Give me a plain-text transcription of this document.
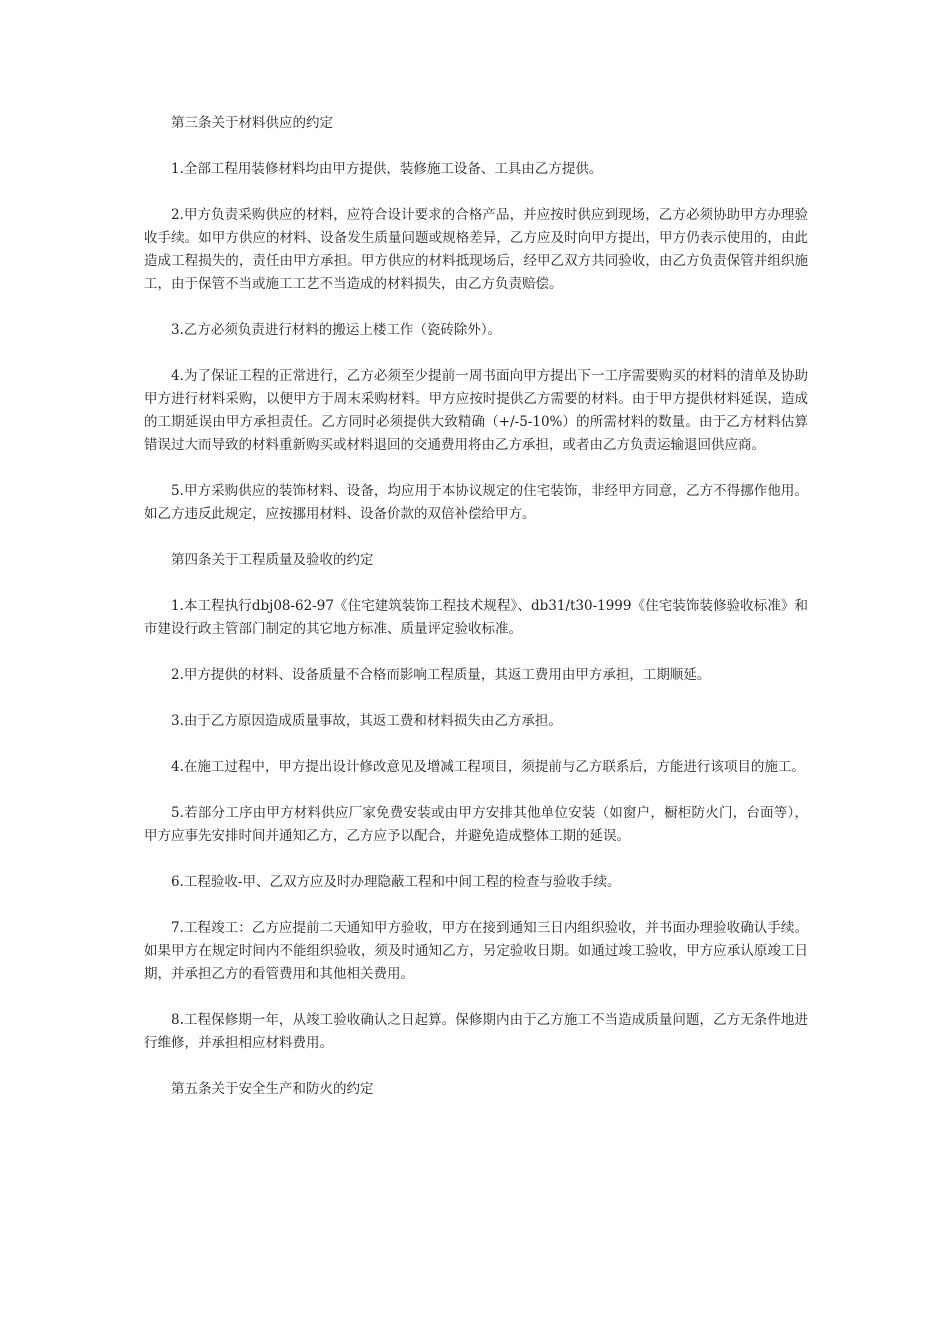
第三条关于材料供应的约定

1.全部工程用装修材料均由甲方提供，装修施工设备、工具由乙方提供。

2.甲方负责采购供应的材料，应符合设计要求的合格产品，并应按时供应到现场，乙方必须协助甲方办理验收手续。如甲方供应的材料、设备发生质量问题或规格差异，乙方应及时向甲方提出，甲方仍表示使用的，由此造成工程损失的，责任由甲方承担。甲方供应的材料抵现场后，经甲乙双方共同验收，由乙方负责保管并组织施工，由于保管不当或施工工艺不当造成的材料损失，由乙方负责赔偿。

3.乙方必须负责进行材料的搬运上楼工作（瓷砖除外）。

4.为了保证工程的正常进行，乙方必须至少提前一周书面向甲方提出下一工序需要购买的材料的清单及协助甲方进行材料采购，以便甲方于周末采购材料。甲方应按时提供乙方需要的材料。由于甲方提供材料延误，造成的工期延误由甲方承担责任。乙方同时必须提供大致精确（+/-5-10%）的所需材料的数量。由于乙方材料估算错误过大而导致的材料重新购买或材料退回的交通费用将由乙方承担，或者由乙方负责运输退回供应商。

5.甲方采购供应的装饰材料、设备，均应用于本协议规定的住宅装饰，非经甲方同意，乙方不得挪作他用。如乙方违反此规定，应按挪用材料、设备价款的双倍补偿给甲方。

第四条关于工程质量及验收的约定

1.本工程执行dbj08-62-97《住宅建筑装饰工程技术规程》、db31/t30-1999《住宅装饰装修验收标准》和市建设行政主管部门制定的其它地方标准、质量评定验收标准。

2.甲方提供的材料、设备质量不合格而影响工程质量，其返工费用由甲方承担，工期顺延。

3.由于乙方原因造成质量事故，其返工费和材料损失由乙方承担。

4.在施工过程中，甲方提出设计修改意见及增减工程项目，须提前与乙方联系后，方能进行该项目的施工。

5.若部分工序由甲方材料供应厂家免费安装或由甲方安排其他单位安装（如窗户，橱柜防火门，台面等），甲方应事先安排时间并通知乙方，乙方应予以配合，并避免造成整体工期的延误。

6.工程验收-甲、乙双方应及时办理隐蔽工程和中间工程的检查与验收手续。

7.工程竣工：乙方应提前二天通知甲方验收，甲方在接到通知三日内组织验收，并书面办理验收确认手续。如果甲方在规定时间内不能组织验收，须及时通知乙方，另定验收日期。如通过竣工验收，甲方应承认原竣工日期，并承担乙方的看管费用和其他相关费用。

8.工程保修期一年，从竣工验收确认之日起算。保修期内由于乙方施工不当造成质量问题，乙方无条件地进行维修，并承担相应材料费用。

第五条关于安全生产和防火的约定
